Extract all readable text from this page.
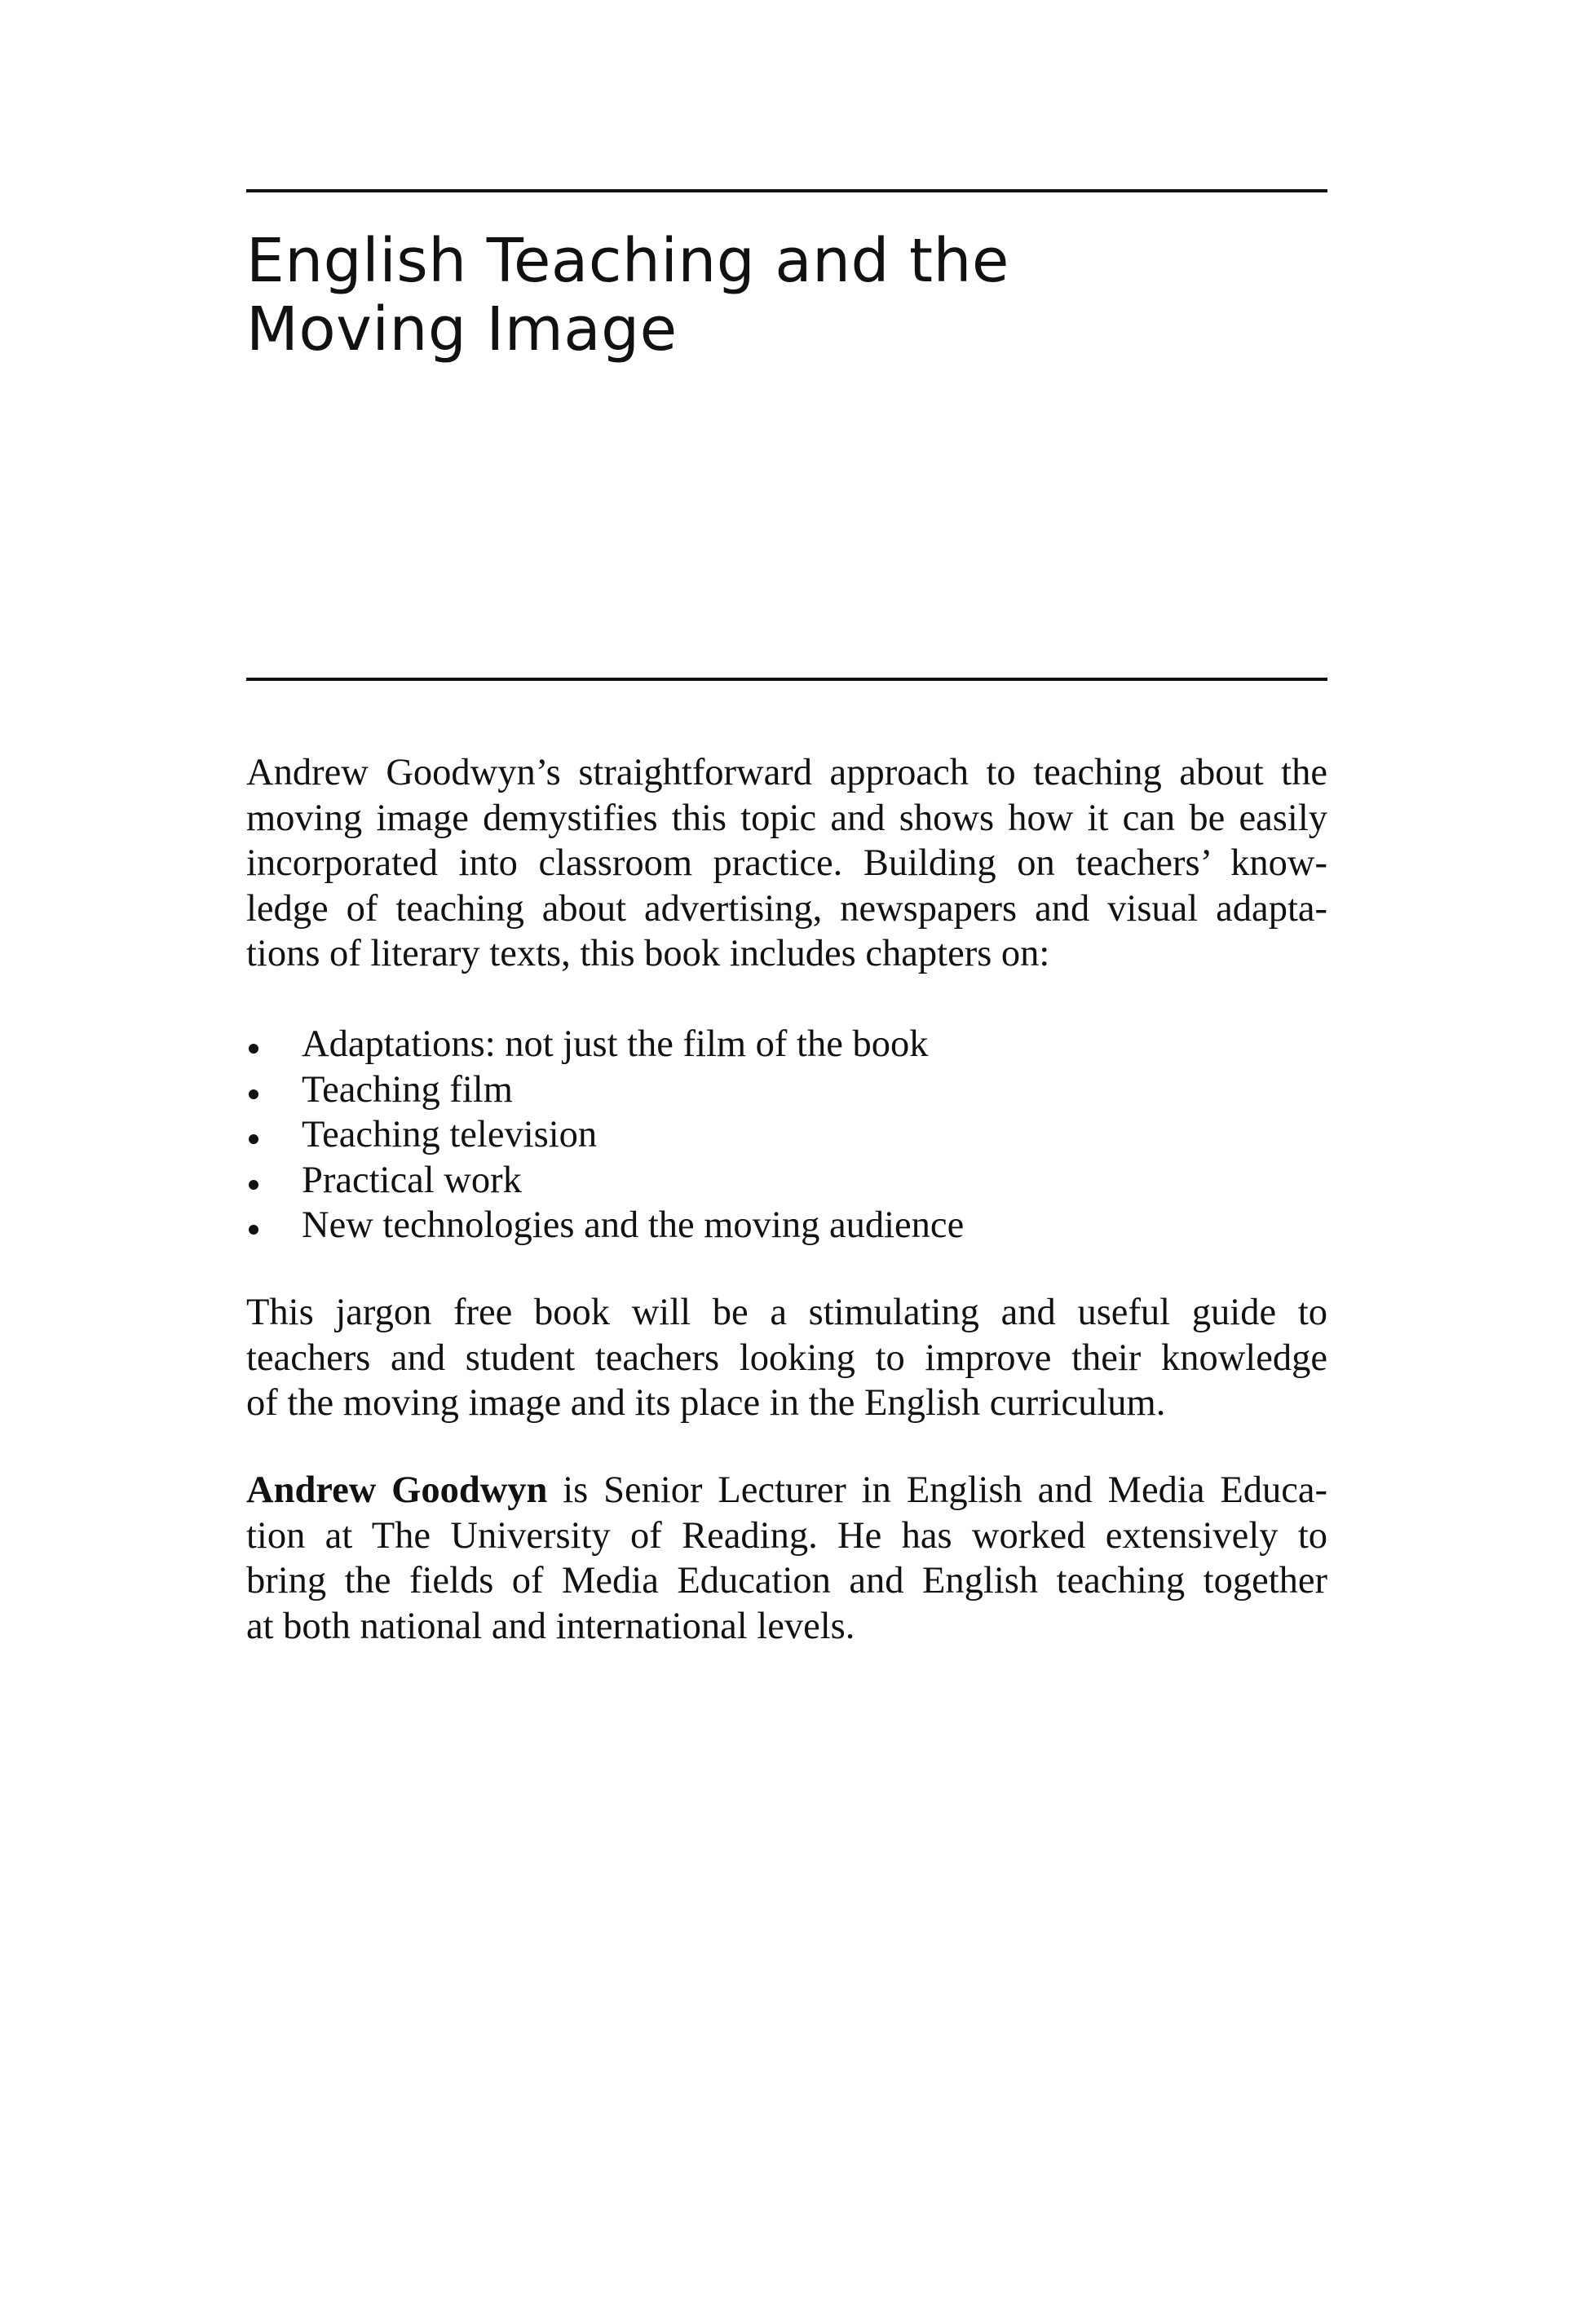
English Teaching and the
Moving Image

Andrew Goodwyn’s straightforward approach to teaching about the
moving image demystifies this topic and shows how it can be easily
incorporated into classroom practice. Building on teachers’ know-
ledge of teaching about advertising, newspapers and visual adapta-
tions of literary texts, this book includes chapters on:

Adaptations: not just the film of the book
Teaching film
Teaching television
Practical work
New technologies and the moving audience

This jargon free book will be a stimulating and useful guide to
teachers and student teachers looking to improve their knowledge
of the moving image and its place in the English curriculum.

Andrew Goodwyn is Senior Lecturer in English and Media Educa-
tion at The University of Reading. He has worked extensively to
bring the fields of Media Education and English teaching together
at both national and international levels.
